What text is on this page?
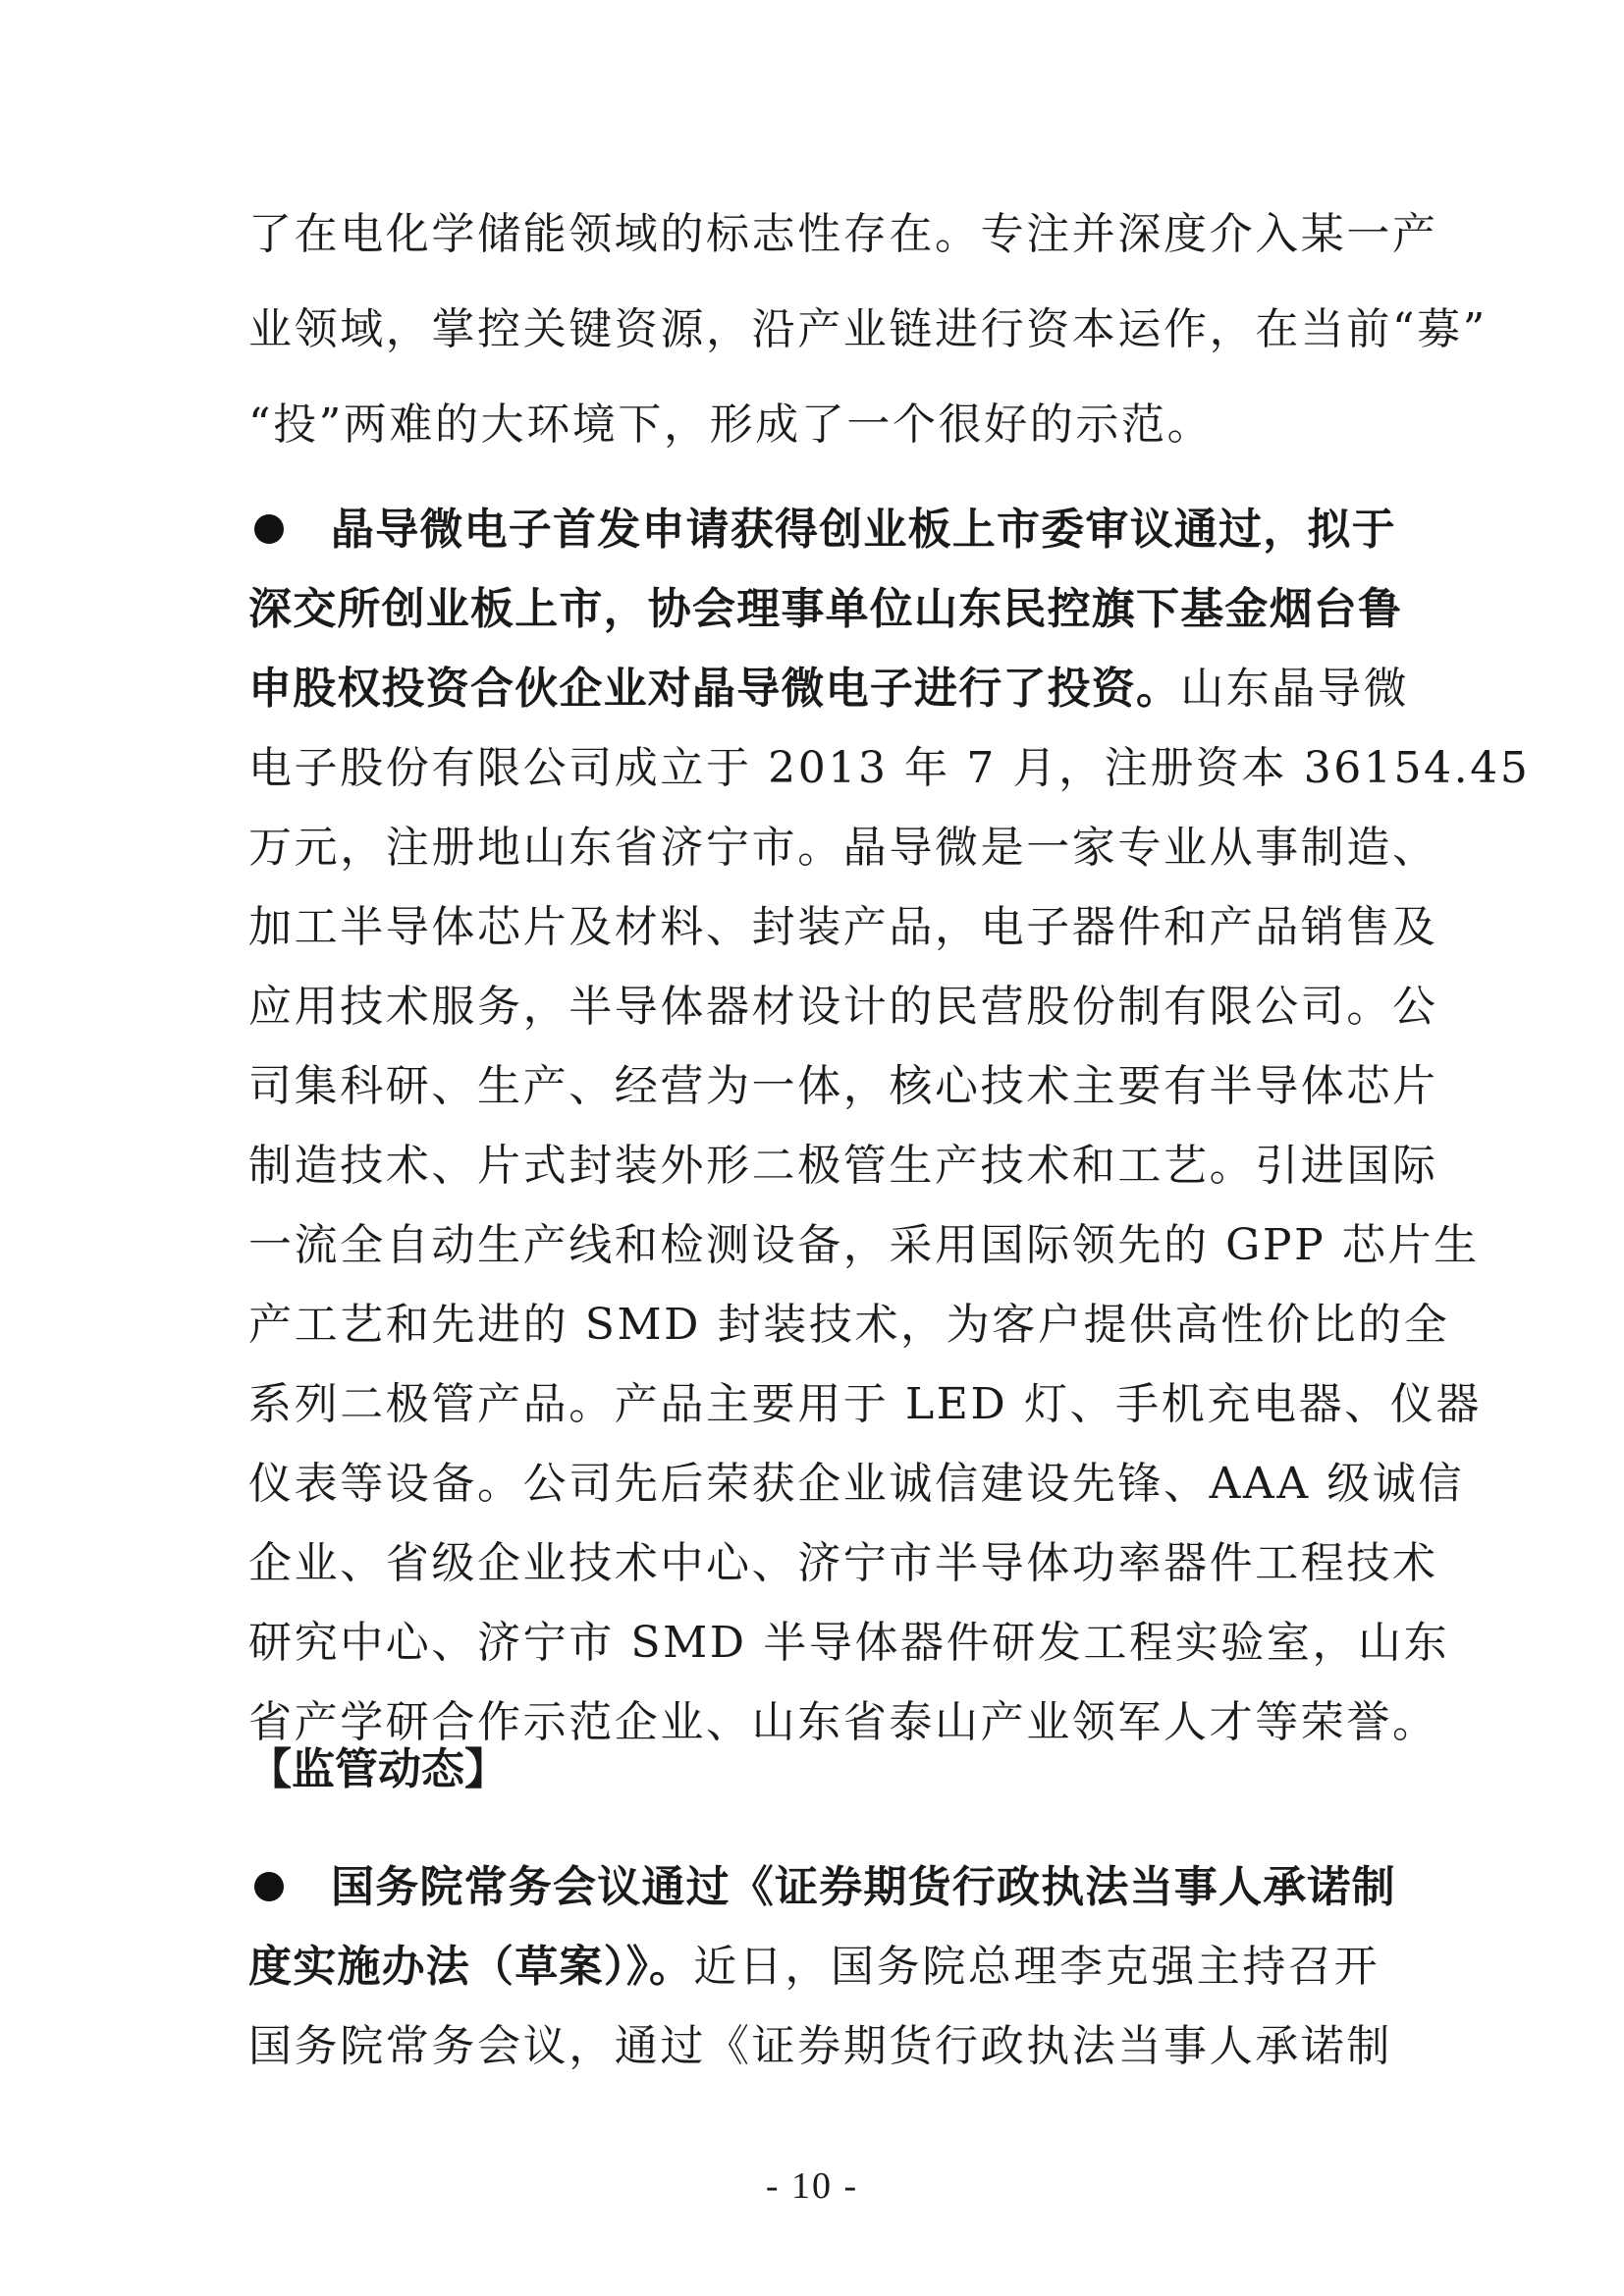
了在电化学储能领域的标志性存在。专注并深度介入某一产
业领域，掌控关键资源，沿产业链进行资本运作，在当前“募”
“投”两难的大环境下，形成了一个很好的示范。
晶导微电子首发申请获得创业板上市委审议通过，拟于
深交所创业板上市，协会理事单位山东民控旗下基金烟台鲁
申股权投资合伙企业对晶导微电子进行了投资。山东晶导微
电子股份有限公司成立于 2013 年 7 月，注册资本 36154.45
万元，注册地山东省济宁市。晶导微是一家专业从事制造、
加工半导体芯片及材料、封装产品，电子器件和产品销售及
应用技术服务，半导体器材设计的民营股份制有限公司。公
司集科研、生产、经营为一体，核心技术主要有半导体芯片
制造技术、片式封装外形二极管生产技术和工艺。引进国际
一流全自动生产线和检测设备，采用国际领先的 GPP 芯片生
产工艺和先进的 SMD 封装技术，为客户提供高性价比的全
系列二极管产品。产品主要用于 LED 灯、手机充电器、仪器
仪表等设备。公司先后荣获企业诚信建设先锋、AAA 级诚信
企业、省级企业技术中心、济宁市半导体功率器件工程技术
研究中心、济宁市 SMD 半导体器件研发工程实验室，山东
省产学研合作示范企业、山东省泰山产业领军人才等荣誉。
【监管动态】
国务院常务会议通过《证券期货行政执法当事人承诺制
度实施办法（草案）》。近日，国务院总理李克强主持召开
国务院常务会议，通过《证券期货行政执法当事人承诺制
- 10 -
